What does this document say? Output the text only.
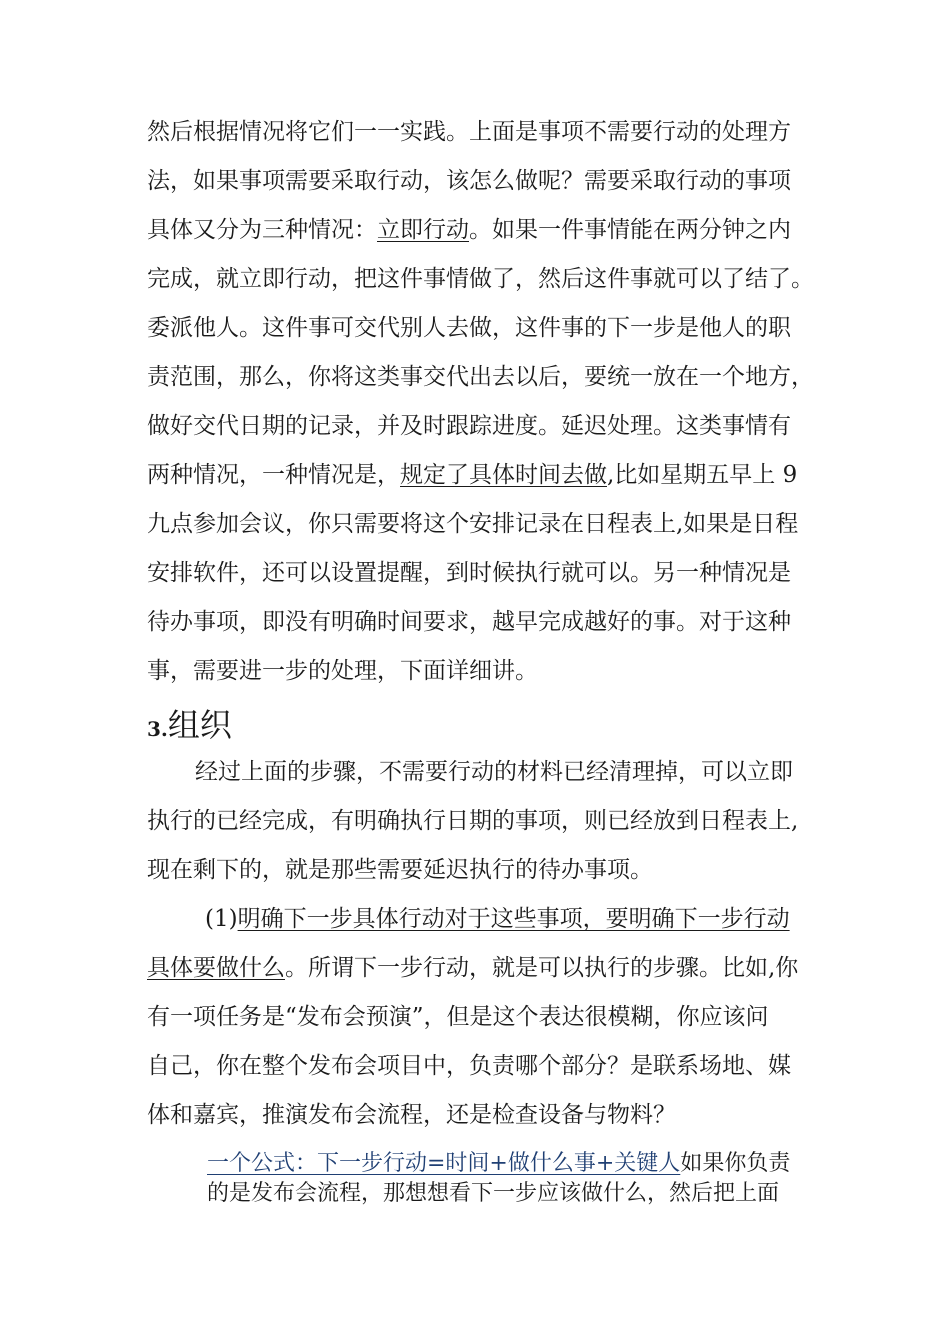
然后根据情况将它们一一实践。上面是事项不需要行动的处理方

法，如果事项需要采取行动，该怎么做呢？需要采取行动的事项

具体又分为三种情况：立即行动。如果一件事情能在两分钟之内

完成，就立即行动，把这件事情做了，然后这件事就可以了结了。

委派他人。这件事可交代别人去做，这件事的下一步是他人的职

责范围，那么，你将这类事交代出去以后，要统一放在一个地方，

做好交代日期的记录，并及时跟踪进度。延迟处理。这类事情有

两种情况，一种情况是，规定了具体时间去做,比如星期五早上 9

九点参加会议，你只需要将这个安排记录在日程表上,如果是日程

安排软件，还可以设置提醒，到时候执行就可以。另一种情况是

待办事项，即没有明确时间要求，越早完成越好的事。对于这种

事，需要进一步的处理，下面详细讲。

3.组织

经过上面的步骤，不需要行动的材料已经清理掉，可以立即

执行的已经完成，有明确执行日期的事项，则已经放到日程表上,

现在剩下的，就是那些需要延迟执行的待办事项。

(1)明确下一步具体行动对于这些事项，要明确下一步行动

具体要做什么。所谓下一步行动，就是可以执行的步骤。比如,你

有一项任务是“发布会预演”，但是这个表达很模糊，你应该问

自己，你在整个发布会项目中，负责哪个部分？是联系场地、媒

体和嘉宾，推演发布会流程，还是检查设备与物料？

一个公式：下一步行动=时间+做什么事+关键人如果你负责

的是发布会流程，那想想看下一步应该做什么，然后把上面
